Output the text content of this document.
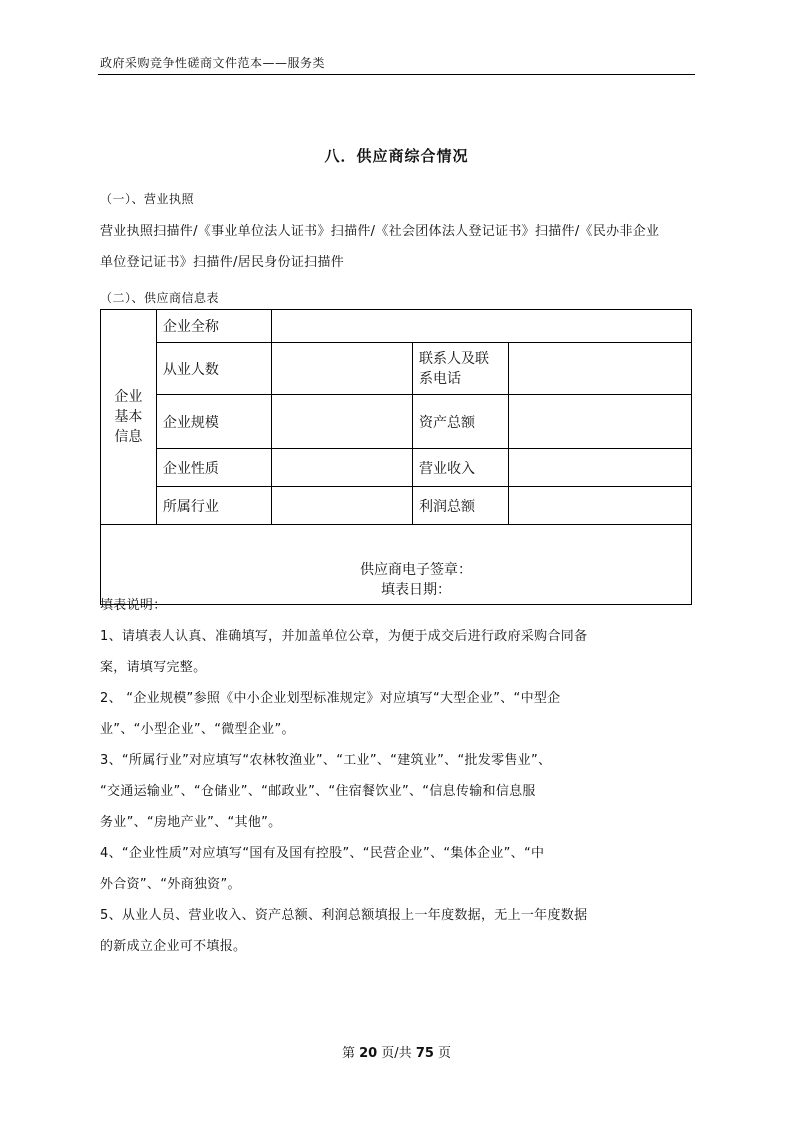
政府采购竞争性磋商文件范本——服务类
八．供应商综合情况
（一）、营业执照
营业执照扫描件/《事业单位法人证书》扫描件/《社会团体法人登记证书》扫描件/《民办非企业
单位登记证书》扫描件/居民身份证扫描件
（二）、供应商信息表
企业
基本
信息	企业全称			
	从业人数		联系人及联
系电话	

	企业规模		资产总额	
	企业性质		营业收入	
	所属行业		利润总额	

供应商电子签章：
填表日期：				
填表说明：
1、请填表人认真、准确填写，并加盖单位公章，为便于成交后进行政府采购合同备
案，请填写完整。
2、 “企业规模”参照《中小企业划型标准规定》对应填写“大型企业”、“中型企
业”、“小型企业”、“微型企业”。
3、“所属行业”对应填写“农林牧渔业”、“工业”、“建筑业”、“批发零售业”、
“交通运输业”、“仓储业”、“邮政业”、“住宿餐饮业”、“信息传输和信息服
务业”、“房地产业”、“其他”。
4、“企业性质”对应填写“国有及国有控股”、“民营企业”、“集体企业”、“中
外合资”、“外商独资”。
5、从业人员、营业收入、资产总额、利润总额填报上一年度数据，无上一年度数据
的新成立企业可不填报。
第 20 页/共 75 页
